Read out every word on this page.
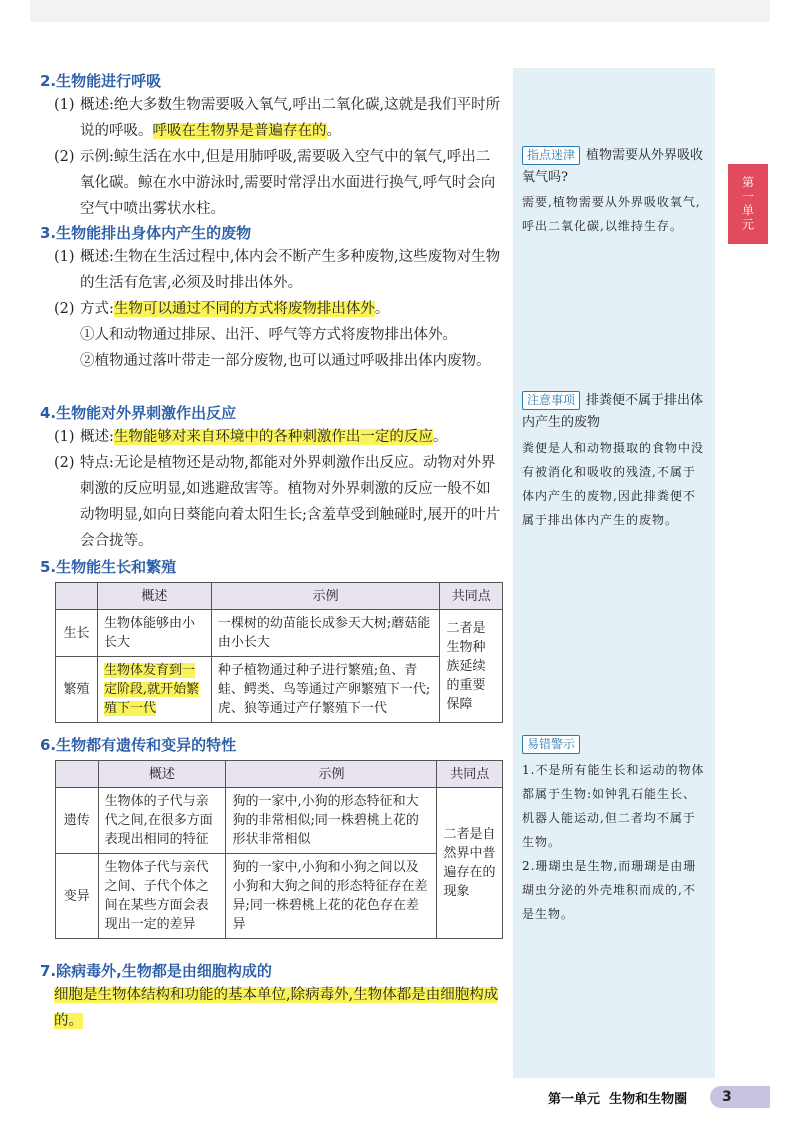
第一单元
2.生物能进行呼吸
(1) 概述:绝大多数生物需要吸入氧气,呼出二氧化碳,这就是我们平时所说的呼吸。呼吸在生物界是普遍存在的。
(2) 示例:鲸生活在水中,但是用肺呼吸,需要吸入空气中的氧气,呼出二氧化碳。鲸在水中游泳时,需要时常浮出水面进行换气,呼气时会向空气中喷出雾状水柱。
3.生物能排出身体内产生的废物
(1) 概述:生物在生活过程中,体内会不断产生多种废物,这些废物对生物的生活有危害,必须及时排出体外。
(2) 方式:生物可以通过不同的方式将废物排出体外。
①人和动物通过排尿、出汗、呼气等方式将废物排出体外。
②植物通过落叶带走一部分废物,也可以通过呼吸排出体内废物。
4.生物能对外界刺激作出反应
(1) 概述:生物能够对来自环境中的各种刺激作出一定的反应。
(2) 特点:无论是植物还是动物,都能对外界刺激作出反应。动物对外界刺激的反应明显,如逃避敌害等。植物对外界刺激的反应一般不如动物明显,如向日葵能向着太阳生长;含羞草受到触碰时,展开的叶片会合拢等。
5.生物能生长和繁殖
	概述	示例	共同点
生长	生物体能够由小长大	一棵树的幼苗能长成参天大树;蘑菇能由小长大	二者是生物种族延续的重要保障
繁殖	生物体发育到一定阶段,就开始繁殖下一代	种子植物通过种子进行繁殖;鱼、青蛙、鳄类、鸟等通过产卵繁殖下一代;虎、狼等通过产仔繁殖下一代	
6.生物都有遗传和变异的特性
	概述	示例	共同点
遗传	生物体的子代与亲代之间,在很多方面表现出相同的特征	狗的一家中,小狗的形态特征和大狗的非常相似;同一株碧桃上花的形状非常相似	二者是自然界中普遍存在的现象
变异	生物体子代与亲代之间、子代个体之间在某些方面会表现出一定的差异	狗的一家中,小狗和小狗之间以及小狗和大狗之间的形态特征存在差异;同一株碧桃上花的花色存在差异	
7.除病毒外,生物都是由细胞构成的
细胞是生物体结构和功能的基本单位,除病毒外,生物体都是由细胞构成的。
指点迷津 植物需要从外界吸收氧气吗?
需要,植物需要从外界吸收氧气,呼出二氧化碳,以维持生存。
注意事项 排粪便不属于排出体内产生的废物
粪便是人和动物摄取的食物中没有被消化和吸收的残渣,不属于体内产生的废物,因此排粪便不属于排出体内产生的废物。
易错警示
1.不是所有能生长和运动的物体都属于生物:如钟乳石能生长、机器人能运动,但二者均不属于生物。
2.珊瑚虫是生物,而珊瑚是由珊瑚虫分泌的外壳堆积而成的,不是生物。
第一单元 生物和生物圈	3
